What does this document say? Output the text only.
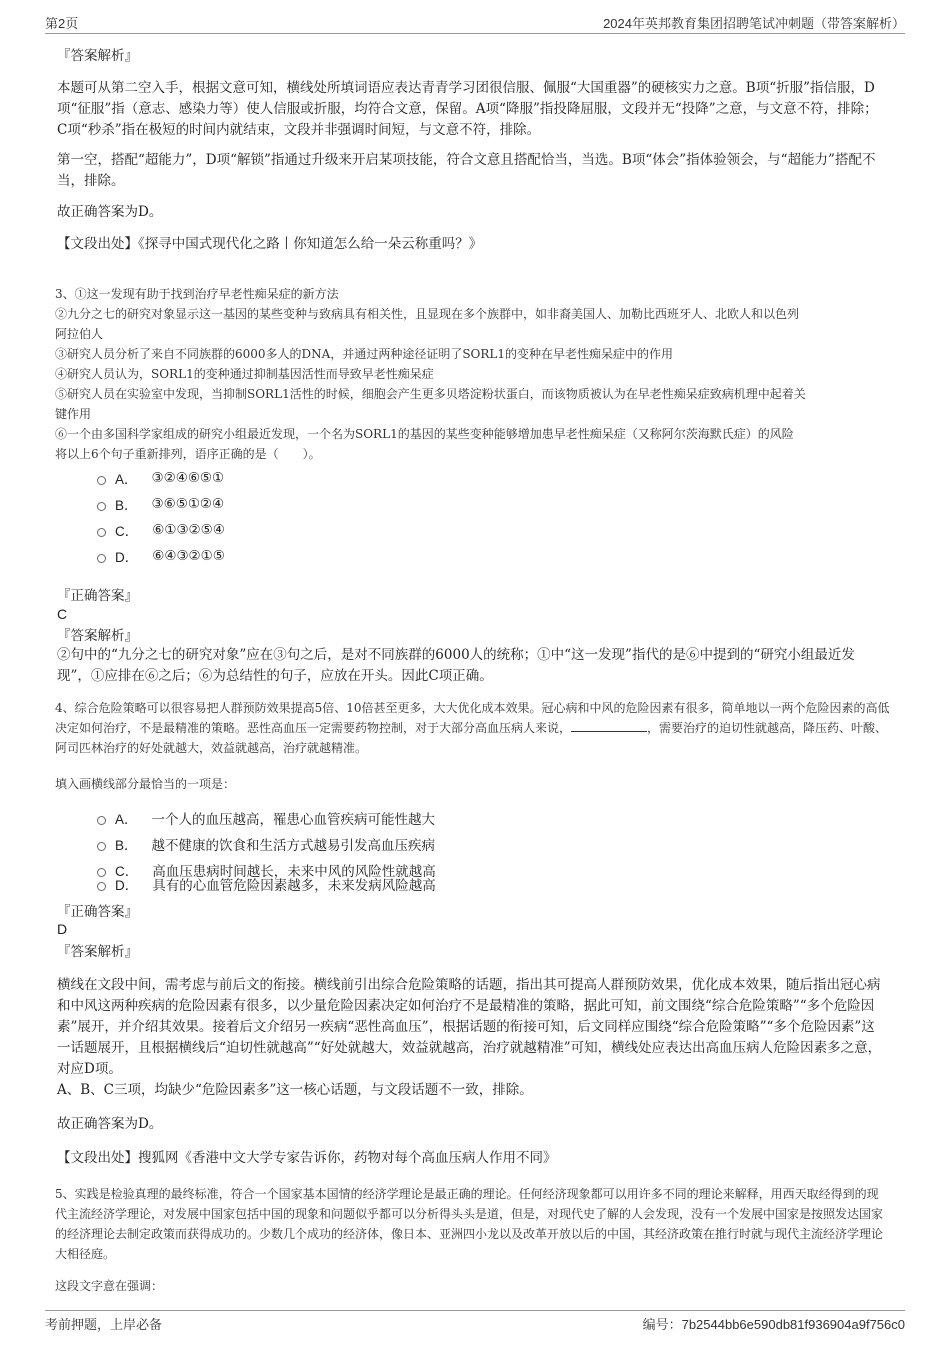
第2页	2024年英邦教育集团招聘笔试冲刺题（带答案解析）
『答案解析』
本题可从第二空入手，根据文意可知，横线处所填词语应表达青青学习团很信服、佩服“大国重器”的硬核实力之意。B项“折服”指信服，D项“征服”指（意志、感染力等）使人信服或折服，均符合文意，保留。A项“降服”指投降屈服，文段并无“投降”之意，与文意不符，排除；C项“秒杀”指在极短的时间内就结束，文段并非强调时间短，与文意不符，排除。
第一空，搭配“超能力”，D项“解锁”指通过升级来开启某项技能，符合文意且搭配恰当，当选。B项“体会”指体验领会，与“超能力”搭配不当，排除。
故正确答案为D。
【文段出处】《探寻中国式现代化之路丨你知道怎么给一朵云称重吗？》
3、①这一发现有助于找到治疗早老性痴呆症的新方法
②九分之七的研究对象显示这一基因的某些变种与致病具有相关性，且显现在多个族群中，如非裔美国人、加勒比西班牙人、北欧人和以色列
阿拉伯人
③研究人员分析了来自不同族群的6000多人的DNA，并通过两种途径证明了SORL1的变种在早老性痴呆症中的作用
④研究人员认为，SORL1的变种通过抑制基因活性而导致早老性痴呆症
⑤研究人员在实验室中发现，当抑制SORL1活性的时候，细胞会产生更多贝塔淀粉状蛋白，而该物质被认为在早老性痴呆症致病机理中起着关
键作用
⑥一个由多国科学家组成的研究小组最近发现，一个名为SORL1的基因的某些变种能够增加患早老性痴呆症（又称阿尔茨海默氏症）的风险
将以上6个句子重新排列，语序正确的是（　　）。
A． ③②④⑥⑤①
B． ③⑥⑤①②④
C． ⑥①③②⑤④
D． ⑥④③②①⑤
『正确答案』
C
『答案解析』
②句中的“九分之七的研究对象”应在③句之后，是对不同族群的6000人的统称；①中“这一发现”指代的是⑥中提到的“研究小组最近发现”，①应排在⑥之后；⑥为总结性的句子，应放在开头。因此C项正确。
4、综合危险策略可以很容易把人群预防效果提高5倍、10倍甚至更多，大大优化成本效果。冠心病和中风的危险因素有很多，简单地以一两个危险因素的高低决定如何治疗，不是最精准的策略。恶性高血压一定需要药物控制，对于大部分高血压病人来说，	，需要治疗的迫切性就越高，降压药、叶酸、阿司匹林治疗的好处就越大，效益就越高，治疗就越精准。
填入画横线部分最恰当的一项是：
A． 一个人的血压越高，罹患心血管疾病可能性越大
B． 越不健康的饮食和生活方式越易引发高血压疾病
C． 高血压患病时间越长，未来中风的风险性就越高
D． 具有的心血管危险因素越多，未来发病风险越高
『正确答案』
D
『答案解析』
横线在文段中间，需考虑与前后文的衔接。横线前引出综合危险策略的话题，指出其可提高人群预防效果，优化成本效果，随后指出冠心病和中风这两种疾病的危险因素有很多，以少量危险因素决定如何治疗不是最精准的策略，据此可知，前文围绕“综合危险策略”“多个危险因素”展开，并介绍其效果。接着后文介绍另一疾病“恶性高血压”，根据话题的衔接可知，后文同样应围绕“综合危险策略”“多个危险因素”这一话题展开，且根据横线后“迫切性就越高”“好处就越大，效益就越高，治疗就越精准”可知，横线处应表达出高血压病人危险因素多之意，对应D项。
A、B、C三项，均缺少“危险因素多”这一核心话题，与文段话题不一致，排除。
故正确答案为D。
【文段出处】搜狐网《香港中文大学专家告诉你，药物对每个高血压病人作用不同》
5、实践是检验真理的最终标准，符合一个国家基本国情的经济学理论是最正确的理论。任何经济现象都可以用许多不同的理论来解释，用西天取经得到的现代主流经济学理论，对发展中国家包括中国的现象和问题似乎都可以分析得头头是道，但是，对现代史了解的人会发现，没有一个发展中国家是按照发达国家的经济理论去制定政策而获得成功的。少数几个成功的经济体，像日本、亚洲四小龙以及改革开放以后的中国，其经济政策在推行时就与现代主流经济学理论大相径庭。
这段文字意在强调：
考前押题，上岸必备	编号：7b2544bb6e590db81f936904a9f756c0
